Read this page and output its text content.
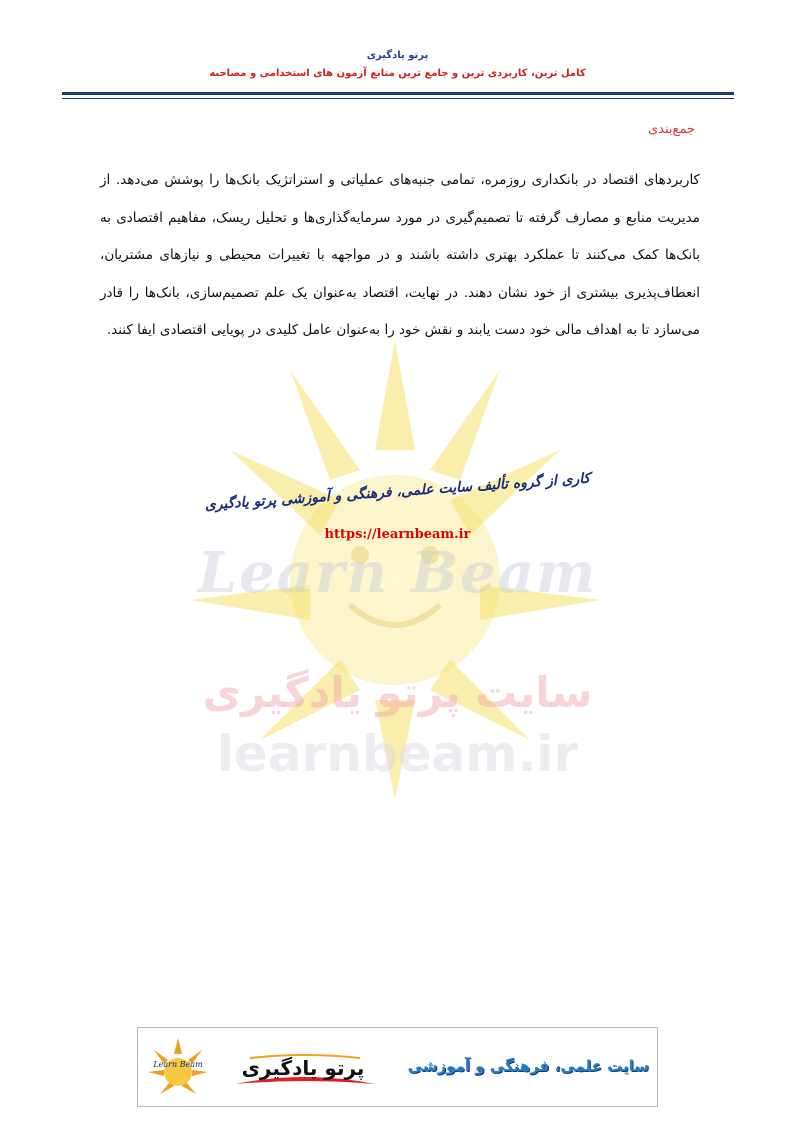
Learn Beam
سایت پرتو یادگیری
learnbeam.ir
پرتو یادگیری
کامل ترین، کاربردی ترین و جامع ترین منابع آزمون های استخدامی و مصاحبه
جمع‌بندی
کاربردهای اقتصاد در بانکداری روزمره، تمامی جنبه‌های عملیاتی و استراتژیک بانک‌ها را پوشش می‌دهد. از مدیریت منابع و مصارف گرفته تا تصمیم‌گیری در مورد سرمایه‌گذاری‌ها و تحلیل ریسک، مفاهیم اقتصادی به بانک‌ها کمک می‌کنند تا عملکرد بهتری داشته باشند و در مواجهه با تغییرات محیطی و نیازهای مشتریان، انعطاف‌پذیری بیشتری از خود نشان دهند. در نهایت، اقتصاد به‌عنوان یک علم تصمیم‌سازی، بانک‌ها را قادر می‌سازد تا به اهداف مالی خود دست یابند و نقش خود را به‌عنوان عامل کلیدی در پویایی اقتصادی ایفا کنند.
کاری از گروه تألیف سایت علمی، فرهنگی و آموزشی پرتو یادگیری
https://learnbeam.ir
Learn Beam پرتو یادگیری	سایت علمی، فرهنگی و آموزشی
